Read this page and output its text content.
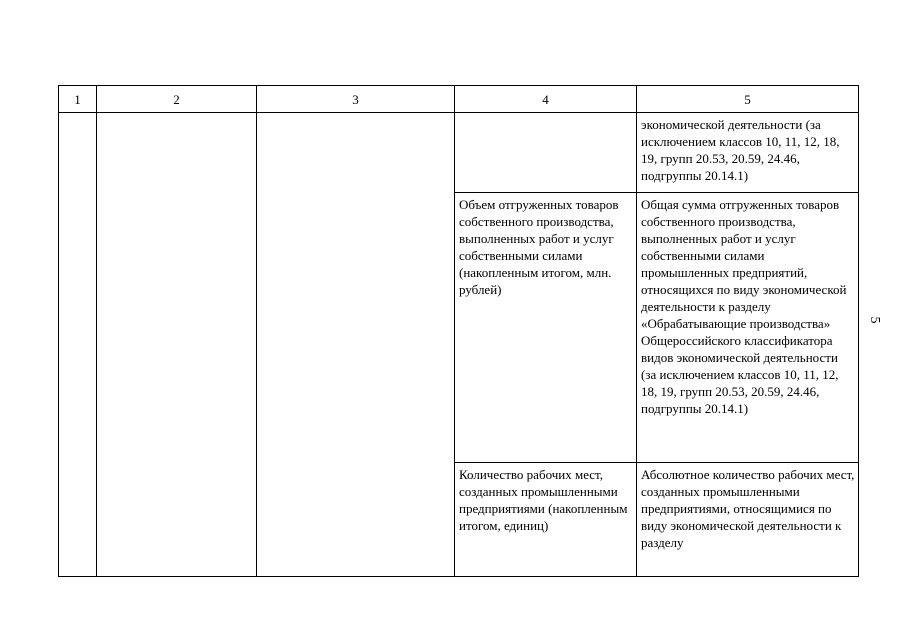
1	2	3	4	5

				экономической деятельности (за исключением классов 10, 11, 12, 18, 19, групп 20.53, 20.59, 24.46, подгруппы 20.14.1)

			Объем отгруженных товаров собственного производства, выполненных работ и услуг собственными силами (накопленным итогом, млн. рублей)	Общая сумма отгруженных товаров собственного производства, выполненных работ и услуг собственными силами промышленных предприятий, относящихся по виду экономической деятельности к разделу «Обрабатывающие производства» Общероссийского классификатора видов экономической деятельности (за исключением классов 10, 11, 12, 18, 19, групп 20.53, 20.59, 24.46, подгруппы 20.14.1)

			Количество рабочих мест, созданных промышленными предприятиями (накопленным итогом, единиц)	Абсолютное количество рабочих мест, созданных промышленными предприятиями, относящимися по виду экономической деятельности к разделу
5
